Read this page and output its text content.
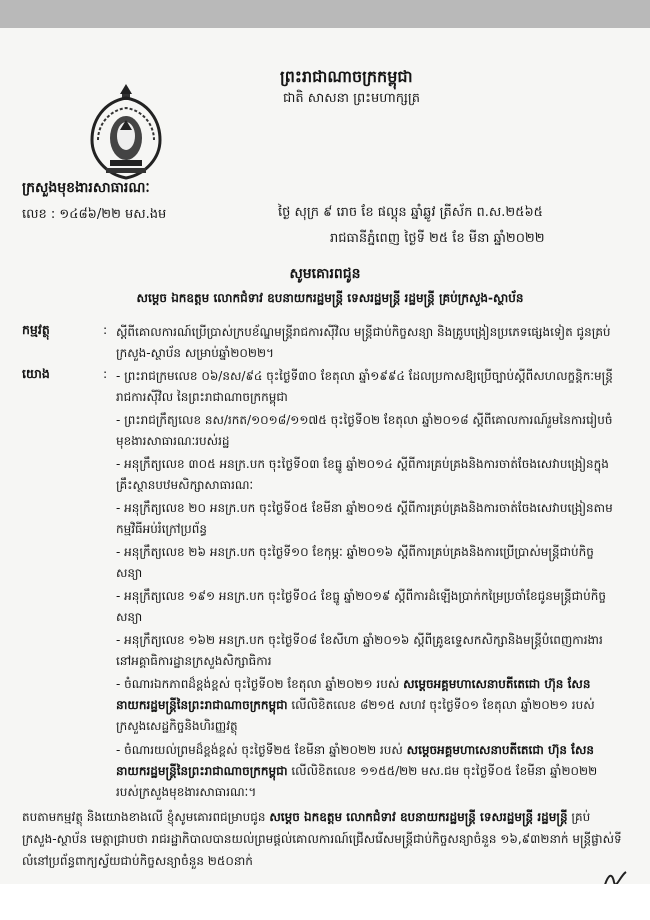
ព្រះរាជាណាចក្រកម្ពុជា
ជាតិ សាសនា ព្រះមហាក្សត្រ
ក្រសួងមុខងារសាធារណៈ
លេខ : ១៤៨៦/២២ មស.ងម	ថ្ងៃ សុក្រ ៩ រោច ខែ ផល្គុន ឆ្នាំឆ្លូវ ត្រីស័ក ព.ស.២៥៦៥
រាជធានីភ្នំពេញ ថ្ងៃទី ២៥ ខែ មីនា ឆ្នាំ២០២២
សូមគោរពជូន
សម្តេច ឯកឧត្តម លោកជំទាវ ឧបនាយករដ្ឋមន្ត្រី ទេសរដ្ឋមន្ត្រី រដ្ឋមន្ត្រី គ្រប់ក្រសួង-ស្ថាប័ន
កម្មវត្ថុ	: ស្តីពីគោលការណ៍ប្រើប្រាស់ក្របខ័ណ្ឌមន្ត្រីរាជការស៊ីវិល មន្ត្រីជាប់កិច្ចសន្យា និងគ្រូបង្រៀនប្រភេទផ្សេងទៀត ជូនគ្រប់ក្រសួង-ស្ថាប័ន សម្រាប់ឆ្នាំ២០២២។
យោង	: - ព្រះរាជក្រមលេខ ០៦/នស/៩៤ ចុះថ្ងៃទី៣០ ខែតុលា ឆ្នាំ១៩៩៤ ដែលប្រកាសឱ្យប្រើច្បាប់ស្តីពីសហលក្ខន្តិកៈមន្ត្រីរាជការស៊ីវិល នៃព្រះរាជាណាចក្រកម្ពុជា
- ព្រះរាជក្រឹត្យលេខ នស/រកត/១០១៨/១១៧៥ ចុះថ្ងៃទី០២ ខែតុលា ឆ្នាំ២០១៨ ស្តីពីគោលការណ៍រួមនៃការរៀបចំមុខងារសាធារណៈរបស់រដ្ឋ
- អនុក្រឹត្យលេខ ៣០៥ អនក្រ.បក ចុះថ្ងៃទី០៣ ខែធ្នូ ឆ្នាំ២០១៤ ស្តីពីការគ្រប់គ្រងនិងការចាត់ចែងសេវាបង្រៀនក្នុងគ្រឹះស្ថានបឋមសិក្សាសាធារណៈ
- អនុក្រឹត្យលេខ ២០ អនក្រ.បក ចុះថ្ងៃទី០៥ ខែមីនា ឆ្នាំ២០១៥ ស្តីពីការគ្រប់គ្រងនិងការចាត់ចែងសេវាបង្រៀនតាមកម្មវិធីអប់រំក្រៅប្រព័ន្ធ
- អនុក្រឹត្យលេខ ២៦ អនក្រ.បក ចុះថ្ងៃទី១០ ខែកុម្ភៈ ឆ្នាំ២០១៦ ស្តីពីការគ្រប់គ្រងនិងការប្រើប្រាស់មន្ត្រីជាប់កិច្ចសន្យា
- អនុក្រឹត្យលេខ ១៩១ អនក្រ.បក ចុះថ្ងៃទី០៤ ខែធ្នូ ឆ្នាំ២០១៩ ស្តីពីការដំឡើងប្រាក់កម្រៃប្រចាំខែជូនមន្ត្រីជាប់កិច្ចសន្យា
- អនុក្រឹត្យលេខ ១៦២ អនក្រ.បក ចុះថ្ងៃទី០៨ ខែសីហា ឆ្នាំ២០១៦ ស្តីពីគ្រូឧទ្ទេសកសិក្សានិងមន្ត្រីបំពេញការងារនៅអគ្គាធិការដ្ឋានក្រសួងសិក្សាធិការ
- ចំណារឯកភាពដ៏ខ្ពង់ខ្ពស់ ចុះថ្ងៃទី០២ ខែតុលា ឆ្នាំ២០២១ របស់ សម្តេចអគ្គមហាសេនាបតីតេជោ ហ៊ុន សែន នាយករដ្ឋមន្ត្រីនៃព្រះរាជាណាចក្រកម្ពុជា លើលិខិតលេខ ៨២១៥ សហវ ចុះថ្ងៃទី០១ ខែតុលា ឆ្នាំ២០២១ របស់ក្រសួងសេដ្ឋកិច្ចនិងហិរញ្ញវត្ថុ
- ចំណារយល់ព្រមដ៏ខ្ពង់ខ្ពស់ ចុះថ្ងៃទី២៥ ខែមីនា ឆ្នាំ២០២២ របស់ សម្តេចអគ្គមហាសេនាបតីតេជោ ហ៊ុន សែន នាយករដ្ឋមន្ត្រីនៃព្រះរាជាណាចក្រកម្ពុជា លើលិខិតលេខ ១១៥៥/២២ មស.ជម ចុះថ្ងៃទី០៥ ខែមីនា ឆ្នាំ២០២២ របស់ក្រសួងមុខងារសាធារណៈ។
តបតាមកម្មវត្ថុ និងយោងខាងលើ ខ្ញុំសូមគោរពជម្រាបជូន សម្តេច ឯកឧត្តម លោកជំទាវ ឧបនាយករដ្ឋមន្ត្រី ទេសរដ្ឋមន្ត្រី រដ្ឋមន្ត្រី គ្រប់ក្រសួង-ស្ថាប័ន មេត្តាជ្រាបថា រាជរដ្ឋាភិបាលបានយល់ព្រមផ្តល់គោលការណ៍ជ្រើសរើសមន្ត្រីជាប់កិច្ចសន្យាចំនួន ១៦,៩៣២នាក់ មន្ត្រីផ្លាស់ទីលំនៅប្រព័ន្ធពាក្យស្វ័យជាប់កិច្ចសន្យាចំនួន ២៥០នាក់
